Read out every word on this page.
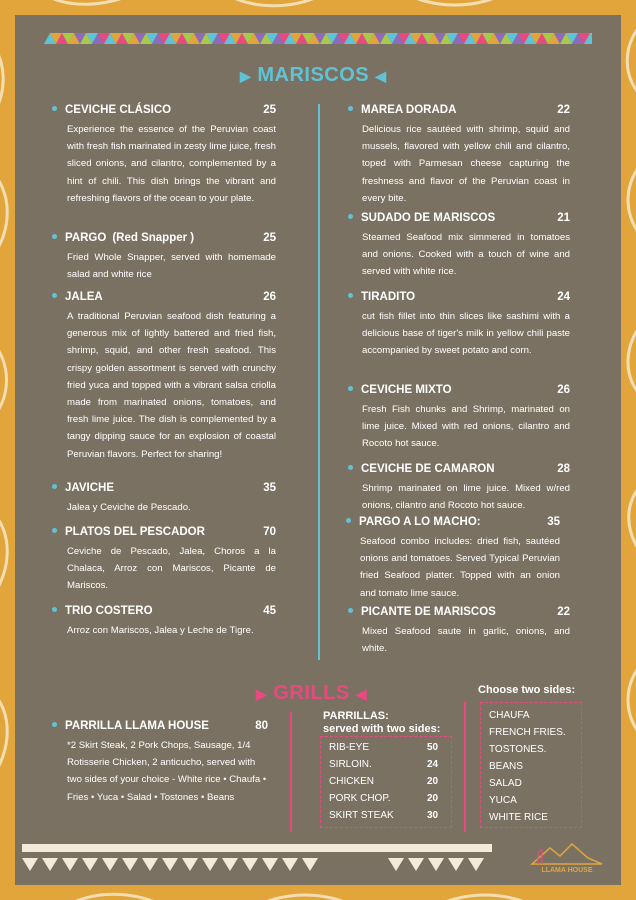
▶ MARISCOS ◀
CEVICHE CLÁSICO	25
Experience the essence of the Peruvian coast with fresh fish marinated in zesty lime juice, fresh sliced onions, and cilantro, complemented by a hint of chili. This dish brings the vibrant and refreshing flavors of the ocean to your plate.
PARGO (Red Snapper )	25
Fried Whole Snapper, served with homemade salad and white rice
JALEA	26
A traditional Peruvian seafood dish featuring a generous mix of lightly battered and fried fish, shrimp, squid, and other fresh seafood. This crispy golden assortment is served with crunchy fried yuca and topped with a vibrant salsa criolla made from marinated onions, tomatoes, and fresh lime juice. The dish is complemented by a tangy dipping sauce for an explosion of coastal Peruvian flavors. Perfect for sharing!
JAVICHE	35
Jalea y Ceviche de Pescado.
PLATOS DEL PESCADOR	70
Ceviche de Pescado, Jalea, Choros a la Chalaca, Arroz con Mariscos, Picante de Mariscos.
TRIO COSTERO	45
Arroz con Mariscos, Jalea y Leche de Tigre.
MAREA DORADA	22
Delicious rice sautéed with shrimp, squid and mussels, flavored with yellow chili and cilantro, toped with Parmesan cheese capturing the freshness and flavor of the Peruvian coast in every bite.
SUDADO DE MARISCOS	21
Steamed Seafood mix simmered in tomatoes and onions. Cooked with a touch of wine and served with white rice.
TIRADITO	24
cut fish fillet into thin slices like sashimi with a delicious base of tiger's milk in yellow chili paste accompanied by sweet potato and corn.
CEVICHE MIXTO	26
Fresh Fish chunks and Shrimp, marinated on lime juice. Mixed with red onions, cilantro and Rocoto hot sauce.
CEVICHE DE CAMARON	28
Shrimp marinated on lime juice. Mixed w/red onions, cilantro and Rocoto hot sauce.
PARGO A LO MACHO:	35
Seafood combo includes: dried fish, sautéed onions and tomatoes. Served Typical Peruvian fried Seafood platter. Topped with an onion and tomato lime sauce.
PICANTE DE MARISCOS	22
Mixed Seafood saute in garlic, onions, and white.
▶ GRILLS ◀
PARRILLA LLAMA HOUSE	80
*2 Skirt Steak, 2 Pork Chops, Sausage, 1/4 Rotisserie Chicken, 2 anticucho, served with two sides of your choice - White rice • Chaufa • Fries • Yuca • Salad • Tostones • Beans
PARRILLAS:
served with two sides:
RIB-EYE	50
SIRLOIN.	24
CHICKEN	20
PORK CHOP.	20
SKIRT STEAK	30
Choose two sides:
CHAUFA
FRENCH FRIES.
TOSTONES.
BEANS
SALAD
YUCA
WHITE RICE
LLAMA HOUSE
